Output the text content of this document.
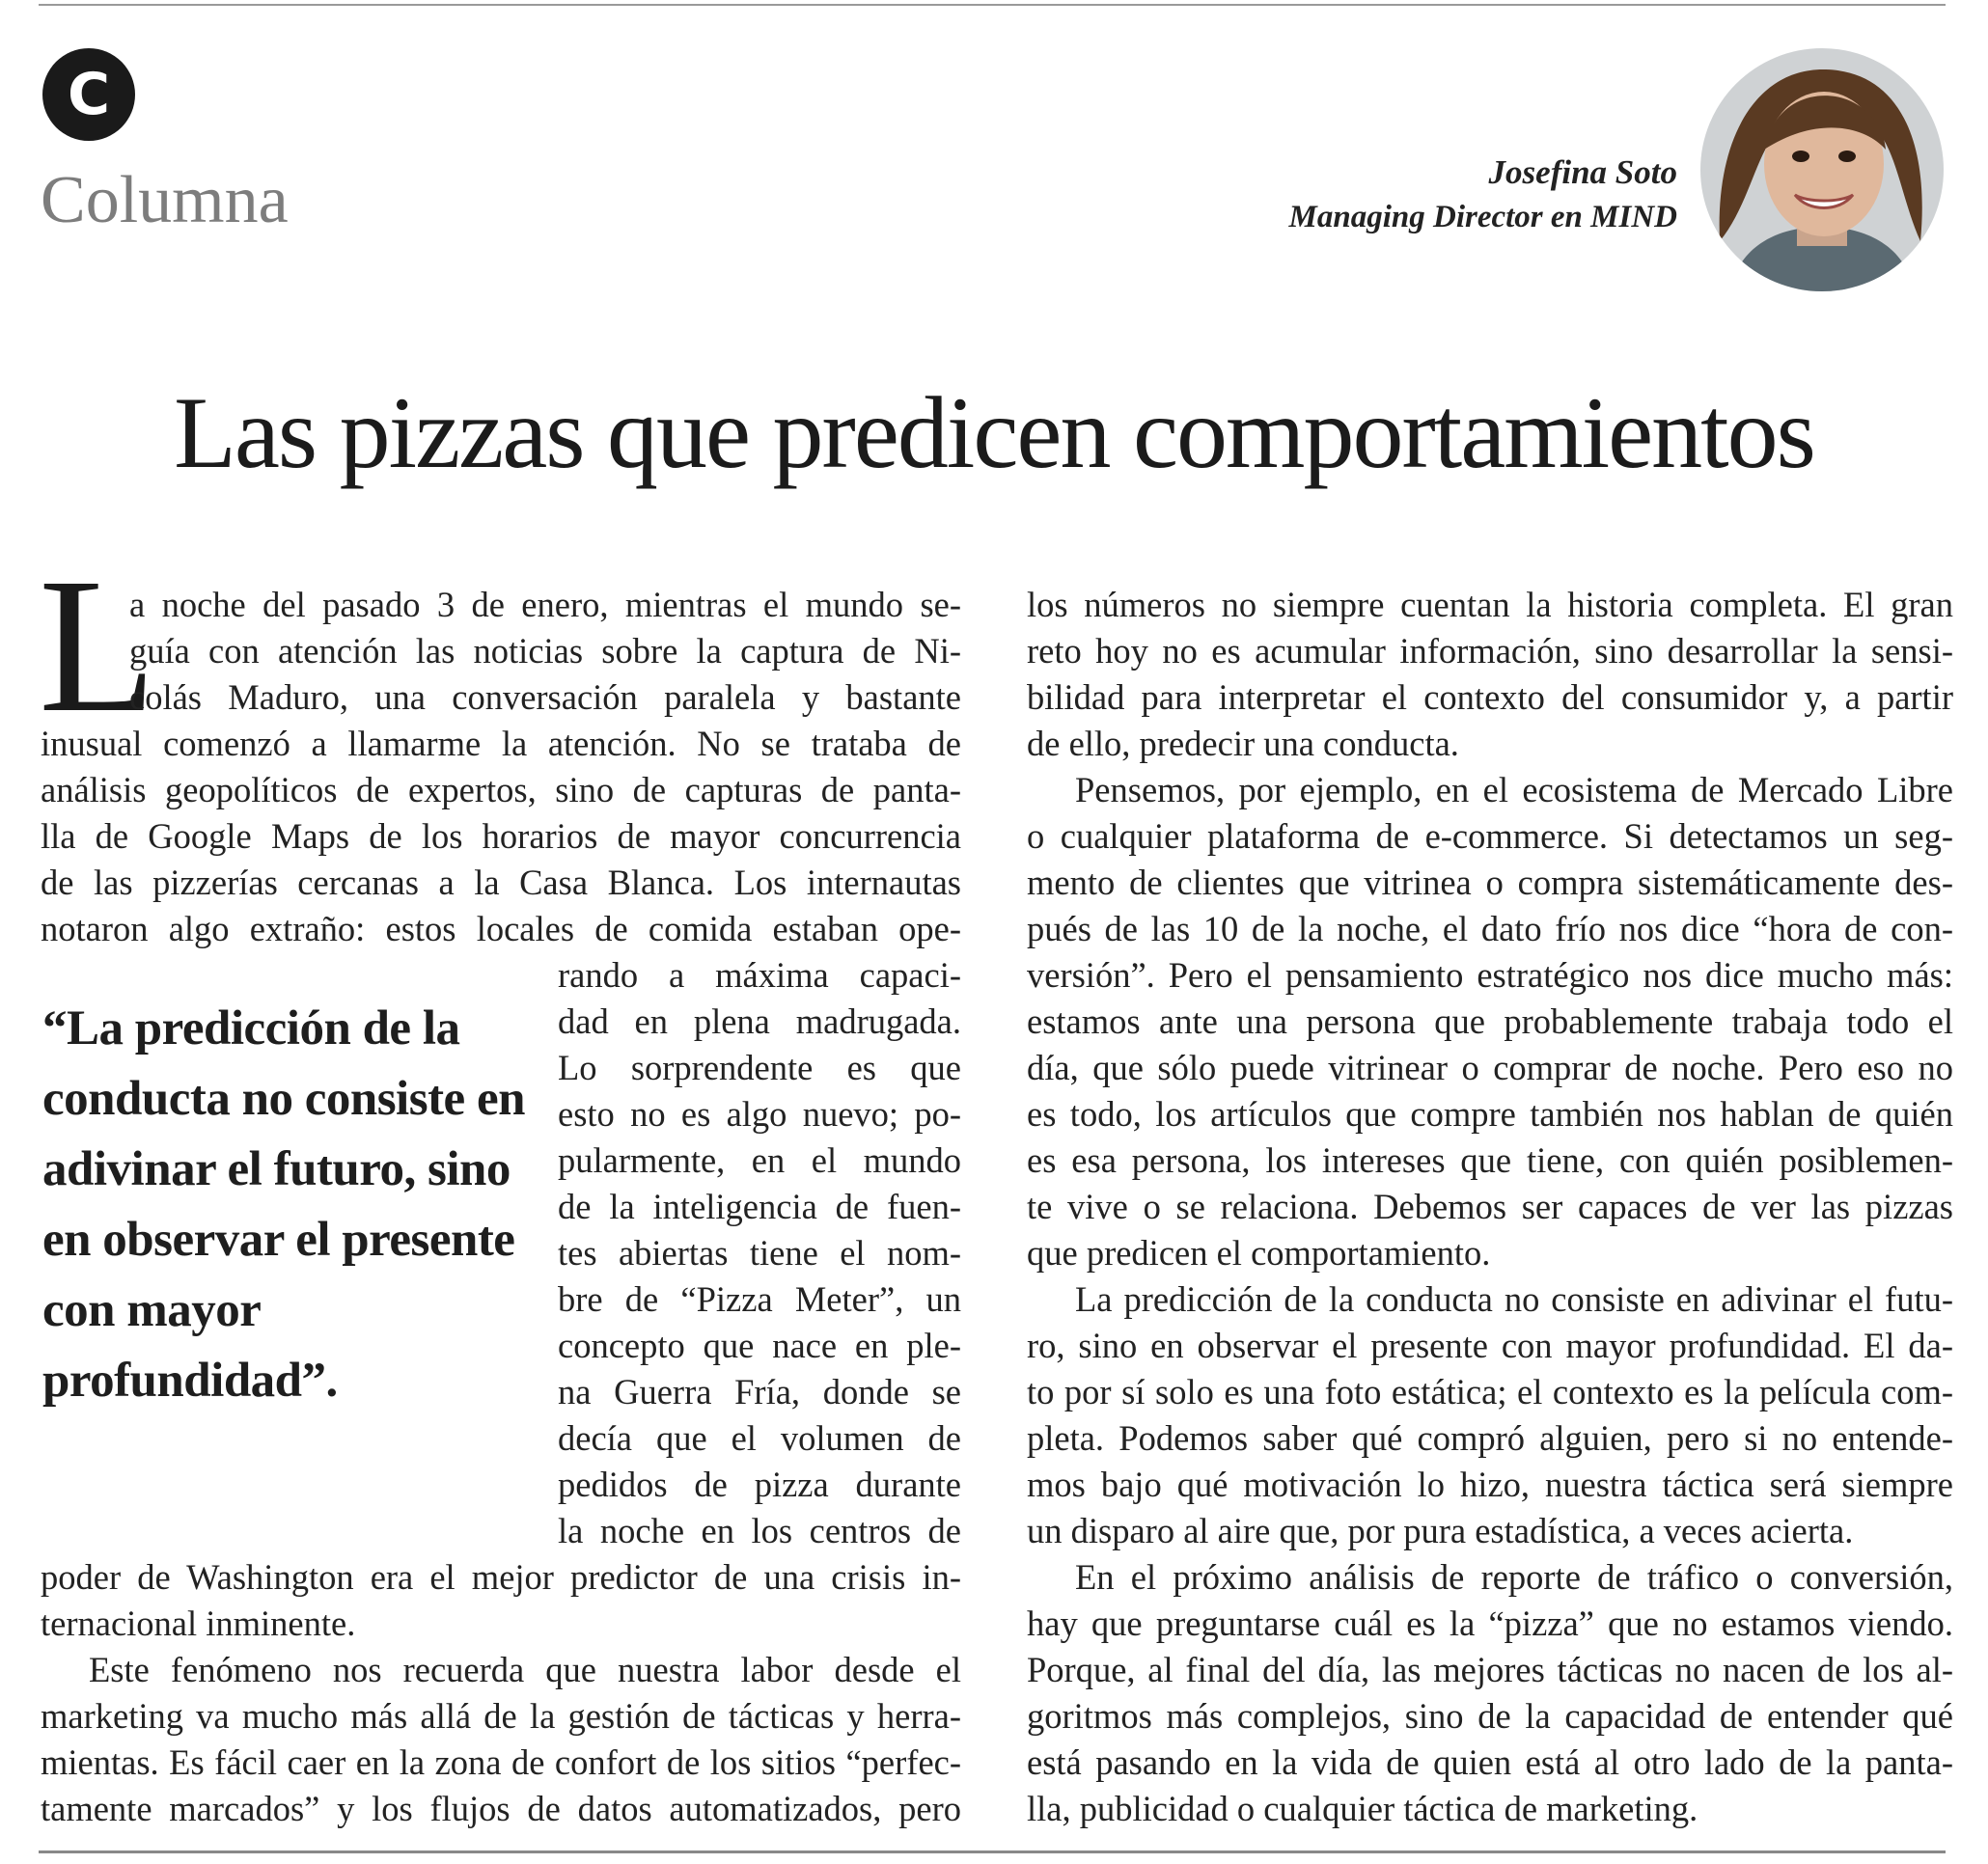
C
Columna	Josefina Soto
Managing Director en MIND
Las pizzas que predicen comportamientos
L
“La predicción de la conducta no consiste en adivinar el futuro, sino en observar el presente con mayor profundidad”.
a noche del pasado 3 de enero, mientras el mundo se-
guía con atención las noticias sobre la captura de Ni-
colás Maduro, una conversación paralela y bastante
inusual comenzó a llamarme la atención. No se trataba de
análisis geopolíticos de expertos, sino de capturas de panta-
lla de Google Maps de los horarios de mayor concurrencia
de las pizzerías cercanas a la Casa Blanca. Los internautas
notaron algo extraño: estos locales de comida estaban ope-
rando a máxima capaci-
dad en plena madrugada.
Lo sorprendente es que
esto no es algo nuevo; po-
pularmente, en el mundo
de la inteligencia de fuen-
tes abiertas tiene el nom-
bre de “Pizza Meter”, un
concepto que nace en ple-
na Guerra Fría, donde se
decía que el volumen de
pedidos de pizza durante
la noche en los centros de
poder de Washington era el mejor predictor de una crisis in-
ternacional inminente.
Este fenómeno nos recuerda que nuestra labor desde el
marketing va mucho más allá de la gestión de tácticas y herra-
mientas. Es fácil caer en la zona de confort de los sitios “perfec-
tamente marcados” y los flujos de datos automatizados, pero
los números no siempre cuentan la historia completa. El gran
reto hoy no es acumular información, sino desarrollar la sensi-
bilidad para interpretar el contexto del consumidor y, a partir
de ello, predecir una conducta.
Pensemos, por ejemplo, en el ecosistema de Mercado Libre
o cualquier plataforma de e-commerce. Si detectamos un seg-
mento de clientes que vitrinea o compra sistemáticamente des-
pués de las 10 de la noche, el dato frío nos dice “hora de con-
versión”. Pero el pensamiento estratégico nos dice mucho más:
estamos ante una persona que probablemente trabaja todo el
día, que sólo puede vitrinear o comprar de noche. Pero eso no
es todo, los artículos que compre también nos hablan de quién
es esa persona, los intereses que tiene, con quién posiblemen-
te vive o se relaciona. Debemos ser capaces de ver las pizzas
que predicen el comportamiento.
La predicción de la conducta no consiste en adivinar el futu-
ro, sino en observar el presente con mayor profundidad. El da-
to por sí solo es una foto estática; el contexto es la película com-
pleta. Podemos saber qué compró alguien, pero si no entende-
mos bajo qué motivación lo hizo, nuestra táctica será siempre
un disparo al aire que, por pura estadística, a veces acierta.
En el próximo análisis de reporte de tráfico o conversión,
hay que preguntarse cuál es la “pizza” que no estamos viendo.
Porque, al final del día, las mejores tácticas no nacen de los al-
goritmos más complejos, sino de la capacidad de entender qué
está pasando en la vida de quien está al otro lado de la panta-
lla, publicidad o cualquier táctica de marketing.
